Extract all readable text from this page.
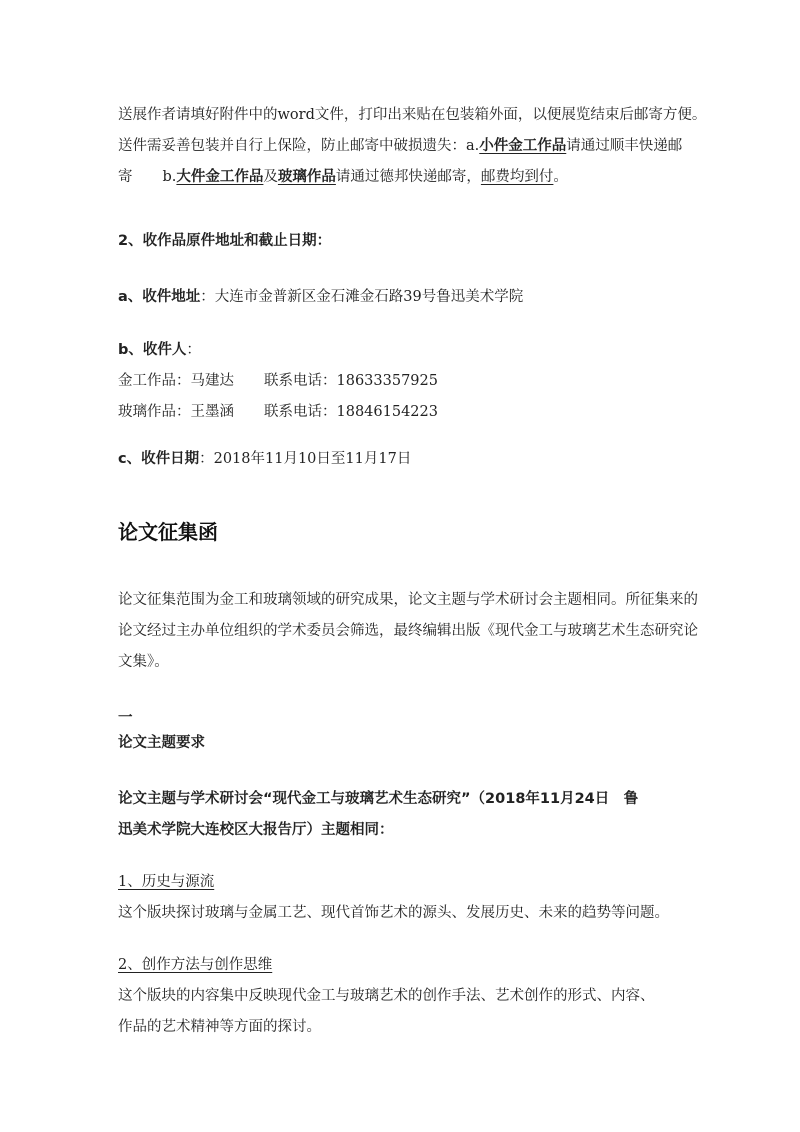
送展作者请填好附件中的word文件，打印出来贴在包装箱外面，以便展览结束后邮寄方便。
送件需妥善包装并自行上保险，防止邮寄中破损遗失：a.小件金工作品请通过顺丰快递邮
寄 b.大件金工作品及玻璃作品请通过德邦快递邮寄，邮费均到付。
2、收作品原件地址和截止日期：
a、收件地址：大连市金普新区金石滩金石路39号鲁迅美术学院
b、收件人：
金工作品：马建达 联系电话：18633357925
玻璃作品：王墨涵 联系电话：18846154223
c、收件日期：2018年11月10日至11月17日
论文征集函
论文征集范围为金工和玻璃领域的研究成果，论文主题与学术研讨会主题相同。所征集来的
论文经过主办单位组织的学术委员会筛选，最终编辑出版《现代金工与玻璃艺术生态研究论
文集》。
一
论文主题要求
论文主题与学术研讨会“现代金工与玻璃艺术生态研究”（2018年11月24日　鲁
迅美术学院大连校区大报告厅）主题相同：
1、历史与源流
这个版块探讨玻璃与金属工艺、现代首饰艺术的源头、发展历史、未来的趋势等问题。
2、创作方法与创作思维
这个版块的内容集中反映现代金工与玻璃艺术的创作手法、艺术创作的形式、内容、
作品的艺术精神等方面的探讨。
